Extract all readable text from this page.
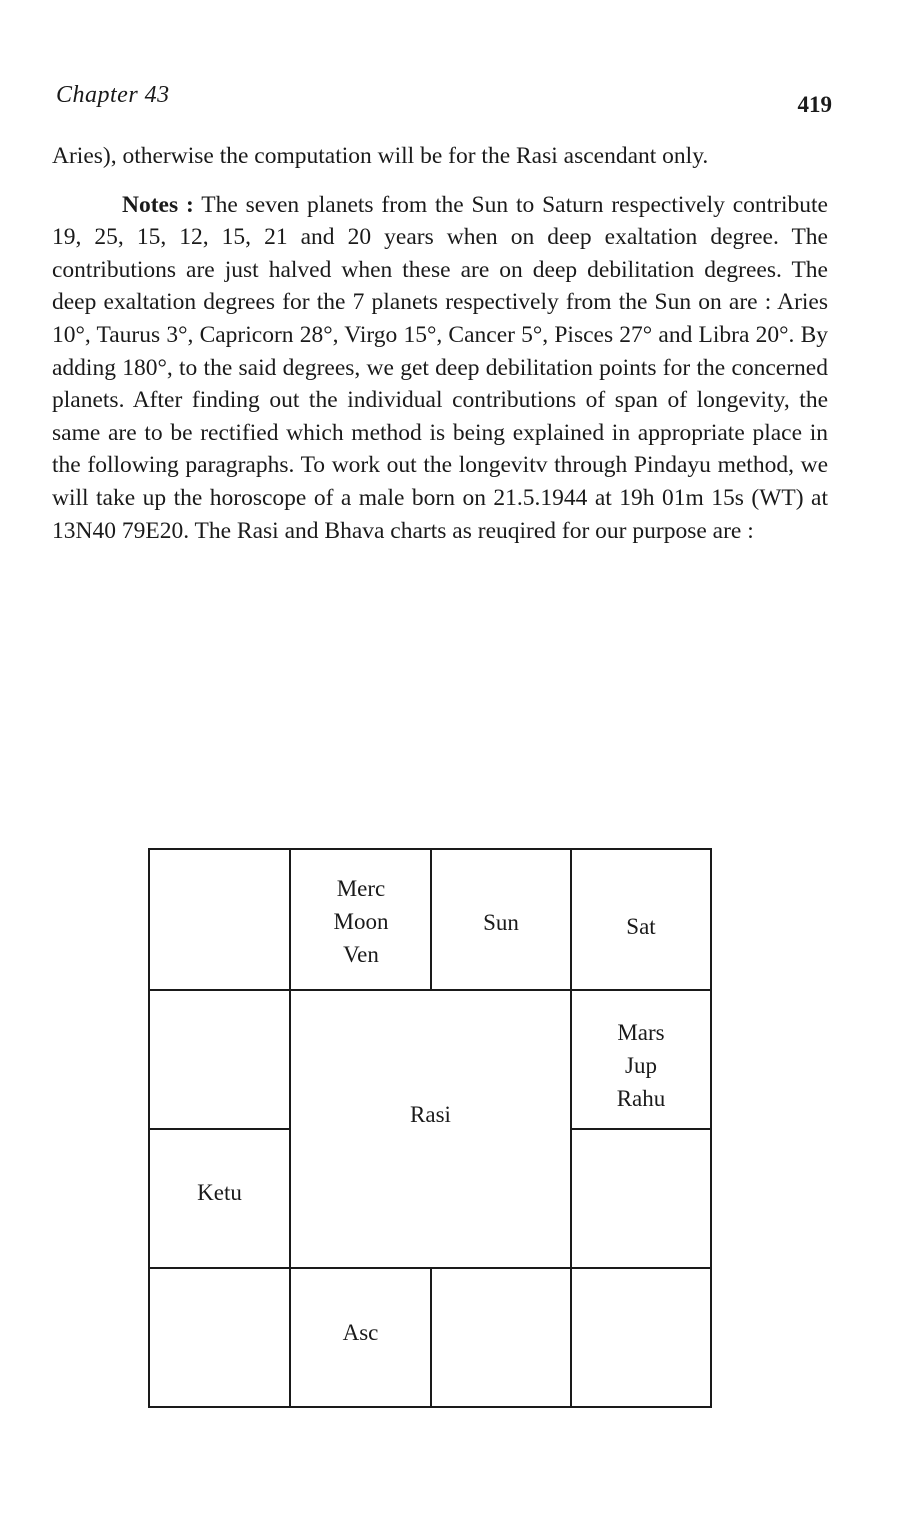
Chapter 43	419

Aries), otherwise the computation will be for the Rasi ascendant only.

Notes : The seven planets from the Sun to Saturn respectively contribute 19, 25, 15, 12, 15, 21 and 20 years when on deep exaltation degree. The contributions are just halved when these are on deep debilitation degrees. The deep exaltation degrees for the 7 planets respectively from the Sun on are : Aries 10°, Taurus 3°, Capricorn 28°, Virgo 15°, Cancer 5°, Pisces 27° and Libra 20°. By adding 180°, to the said degrees, we get deep debilitation points for the concerned planets. After finding out the individual contributions of span of longevity, the same are to be rectified which method is being explained in appropriate place in the following paragraphs. To work out the longevitv through Pindayu method, we will take up the horoscope of a male born on 21.5.1944 at 19h 01m 15s (WT) at 13N40 79E20. The Rasi and Bhava charts as reuqired for our purpose are :

Merc
Moon
Ven
Sun	Sat
Mars
Jup
Rahu
Rasi
Ketu
Asc
